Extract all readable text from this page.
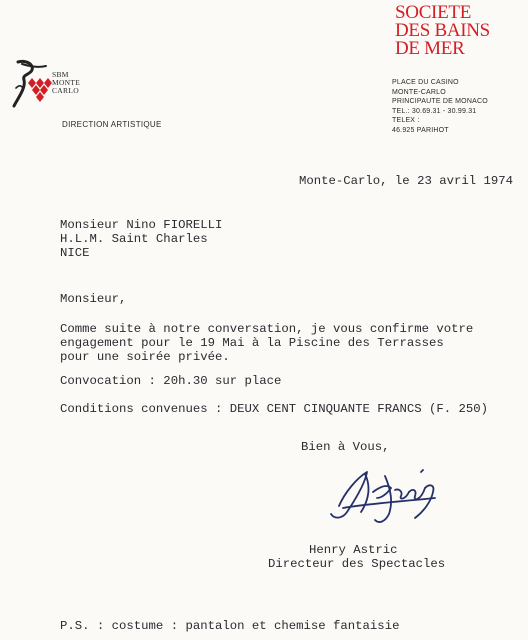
SOCIETE
DES BAINS
DE MER
PLACE DU CASINO
MONTE-CARLO
PRINCIPAUTE DE MONACO
TEL.: 30.69.31 - 30.99.31
TELEX :
46.925 PARIHOT
SBM
MONTE
CARLO
DIRECTION ARTISTIQUE
Monte-Carlo, le 23 avril 1974
Monsieur Nino FIORELLI
H.L.M. Saint Charles
NICE
Monsieur,
Comme suite à notre conversation, je vous confirme votre
engagement pour le 19 Mai à la Piscine des Terrasses
pour une soirée privée.
Convocation : 20h.30 sur place
Conditions convenues : DEUX CENT CINQUANTE FRANCS (F. 250)
Bien à Vous,
Henry Astric
Directeur des Spectacles
P.S. : costume : pantalon et chemise fantaisie
